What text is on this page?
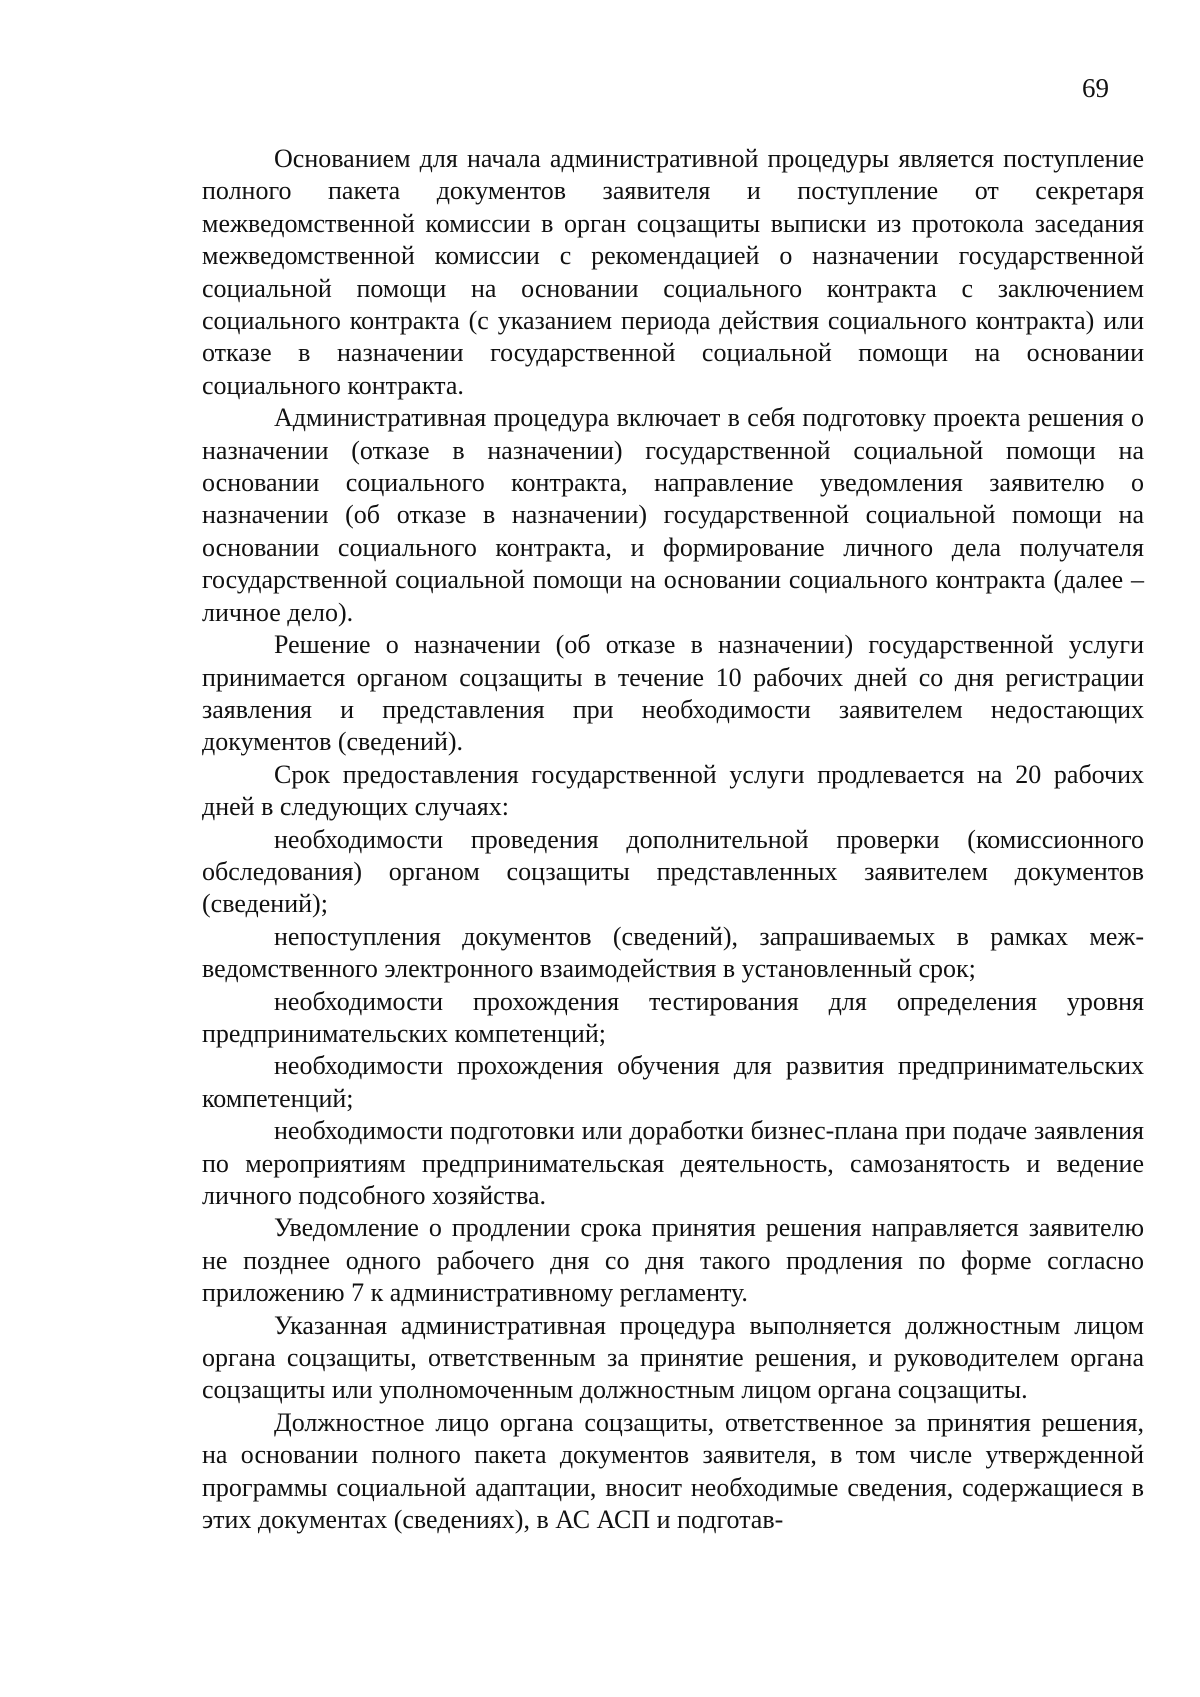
69

Основанием для начала административной процедуры является поступление полного пакета документов заявителя и поступление от секретаря межведомственной комиссии в орган соцзащиты выписки из протокола заседания межведомственной комиссии с рекомендацией о назначении государственной социальной помощи на основании социального контракта с заключением социального контракта (с указанием периода действия социального контракта) или отказе в назначении государственной социальной помощи на основании социального контракта.

Административная процедура включает в себя подготовку проекта решения о назначении (отказе в назначении) государственной социальной помощи на основании социального контракта, направление уведомления заявителю о назначении (об отказе в назначении) государственной социальной помощи на основании социального контракта, и формирование личного дела получателя государственной социальной помощи на основании социального контракта (далее – личное дело).

Решение о назначении (об отказе в назначении) государственной услуги принимается органом соцзащиты в течение 10 рабочих дней со дня регистрации заявления и представления при необходимости заявителем недостающих документов (сведений).

Срок предоставления государственной услуги продлевается на 20 рабочих дней в следующих случаях:

необходимости проведения дополнительной проверки (комиссионного обследования) органом соцзащиты представленных заявителем документов (сведений);

непоступления документов (сведений), запрашиваемых в рамках межведомственного электронного взаимодействия в установленный срок;

необходимости прохождения тестирования для определения уровня предпринимательских компетенций;

необходимости прохождения обучения для развития предпринимательских компетенций;

необходимости подготовки или доработки бизнес-плана при подаче заявления по мероприятиям предпринимательская деятельность, самозанятость и ведение личного подсобного хозяйства.

Уведомление о продлении срока принятия решения направляется заявителю не позднее одного рабочего дня со дня такого продления по форме согласно приложению 7 к административному регламенту.

Указанная административная процедура выполняется должностным лицом органа соцзащиты, ответственным за принятие решения, и руководителем органа соцзащиты или уполномоченным должностным лицом органа соцзащиты.

Должностное лицо органа соцзащиты, ответственное за принятия решения, на основании полного пакета документов заявителя, в том числе утвержденной программы социальной адаптации, вносит необходимые сведения, содержащиеся в этих документах (сведениях), в АС АСП и подготав-
